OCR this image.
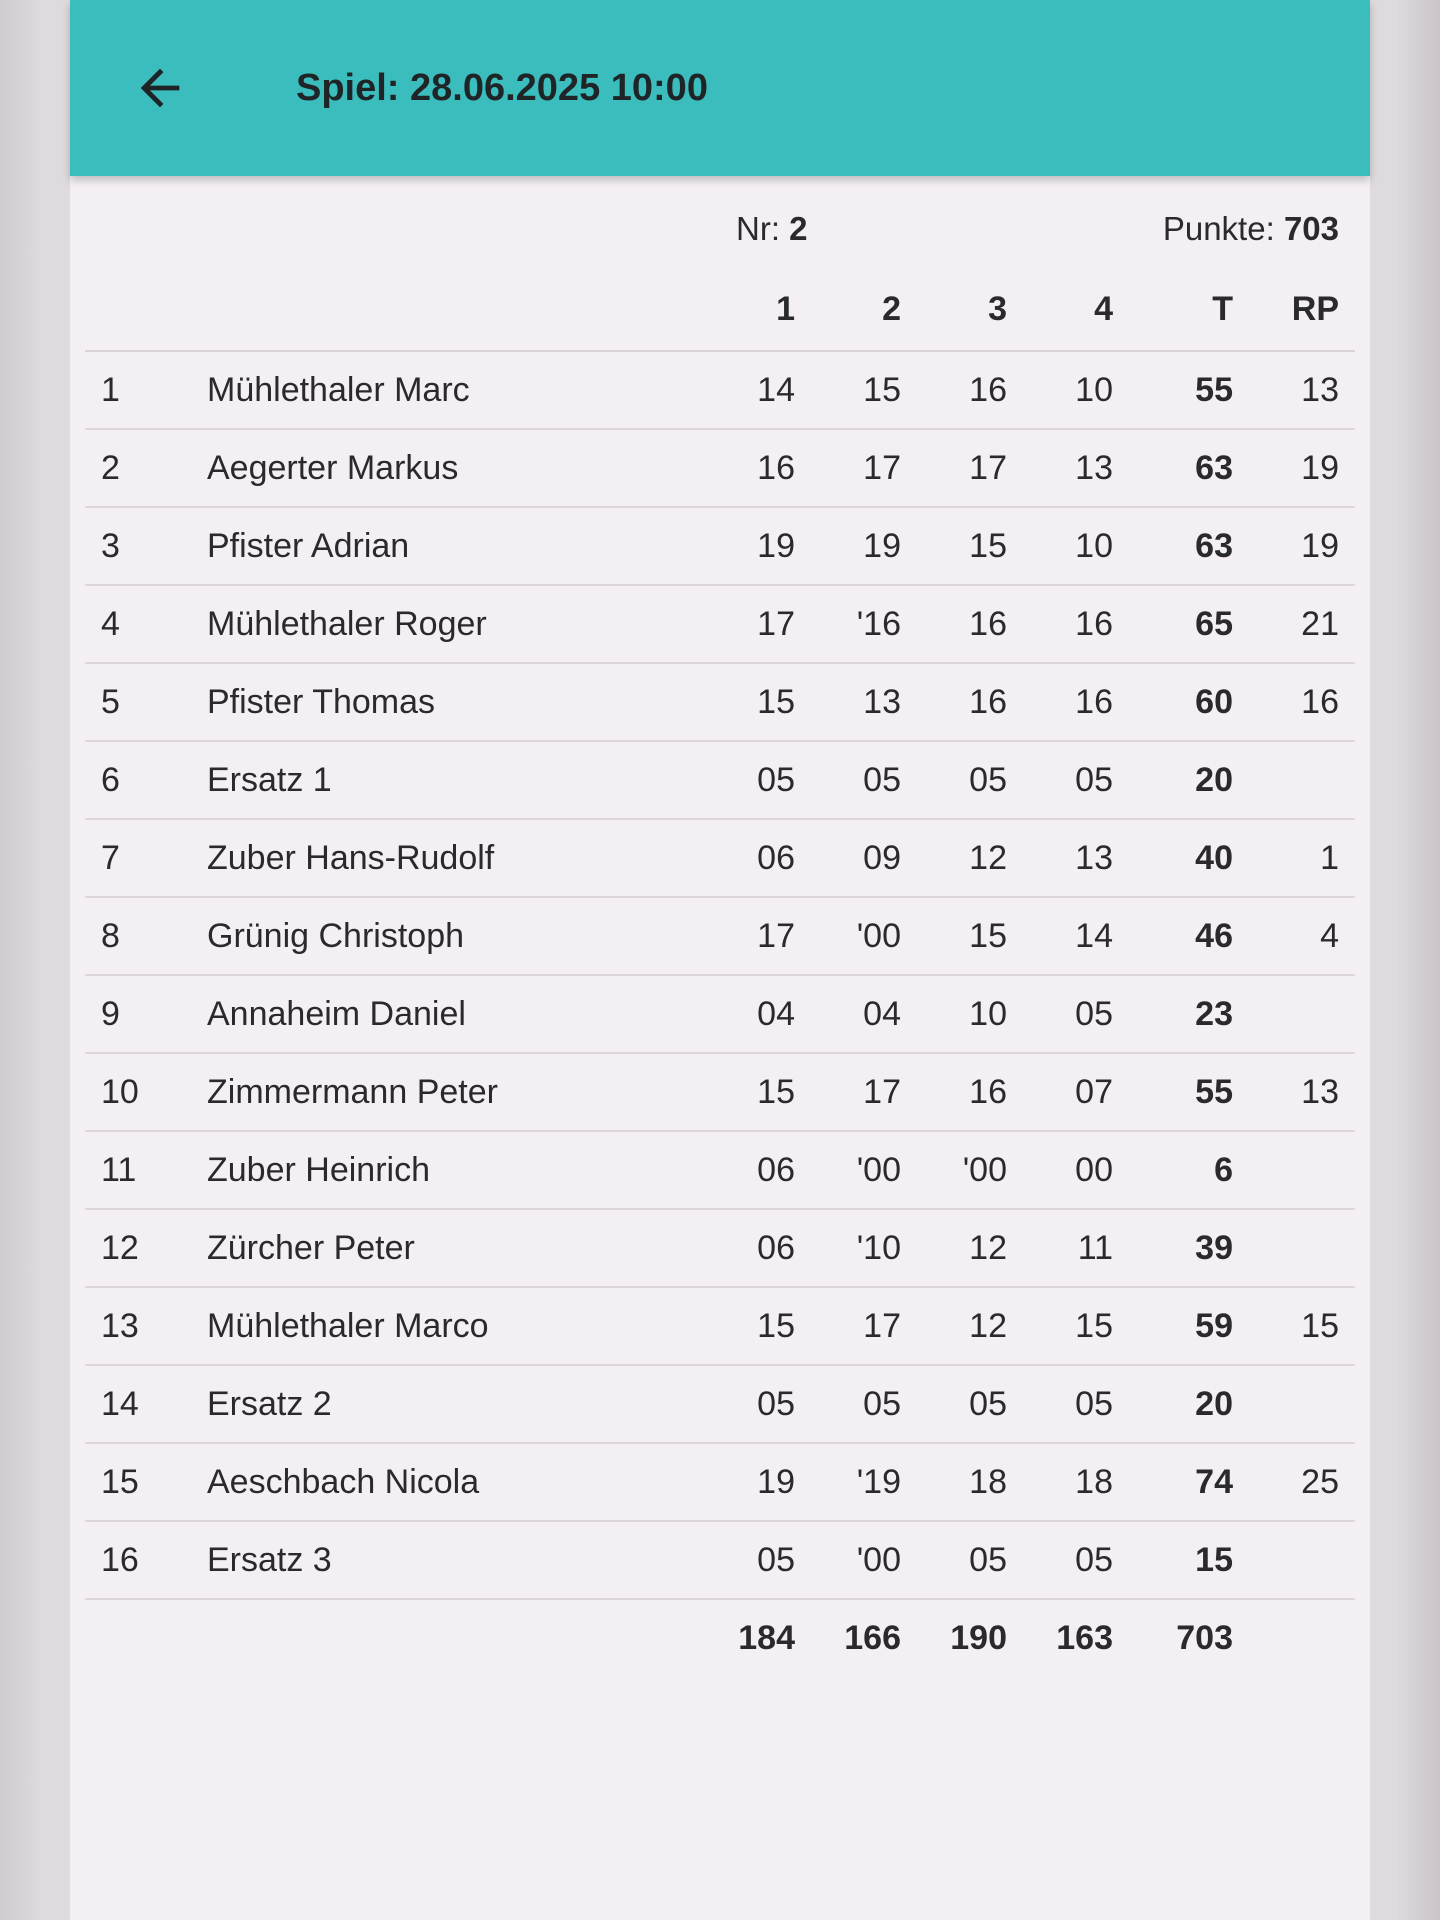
Spiel: 28.06.2025 10:00
Nr: 2	Punkte: 703
1	2	3	4	T RP
1	Mühlethaler Marc	14 15 16 10 55 13
2	Aegerter Markus	16 17 17 13 63 19
3	Pfister Adrian	19 19 15 10 63 19
4	Mühlethaler Roger	17 '16 16 16 65 21
5	Pfister Thomas	15 13 16 16 60 16
6	Ersatz 1	05 05 05 05 20
7	Zuber Hans-Rudolf	06 09 12 13 40	1
8	Grünig Christoph	17 '00 15 14 46	4
9	Annaheim Daniel	04 04 10 05 23
10 Zimmermann Peter	15 17 16 07 55 13
11 Zuber Heinrich	06 '00 '00 00	6
12 Zürcher Peter	06 '10 12 11 39
13 Mühlethaler Marco	15 17 12 15 59 15
14 Ersatz 2	05 05 05 05 20
15 Aeschbach Nicola	19 '19 18 18 74 25
16 Ersatz 3	05 '00 05 05 15
184 166 190 163 703
